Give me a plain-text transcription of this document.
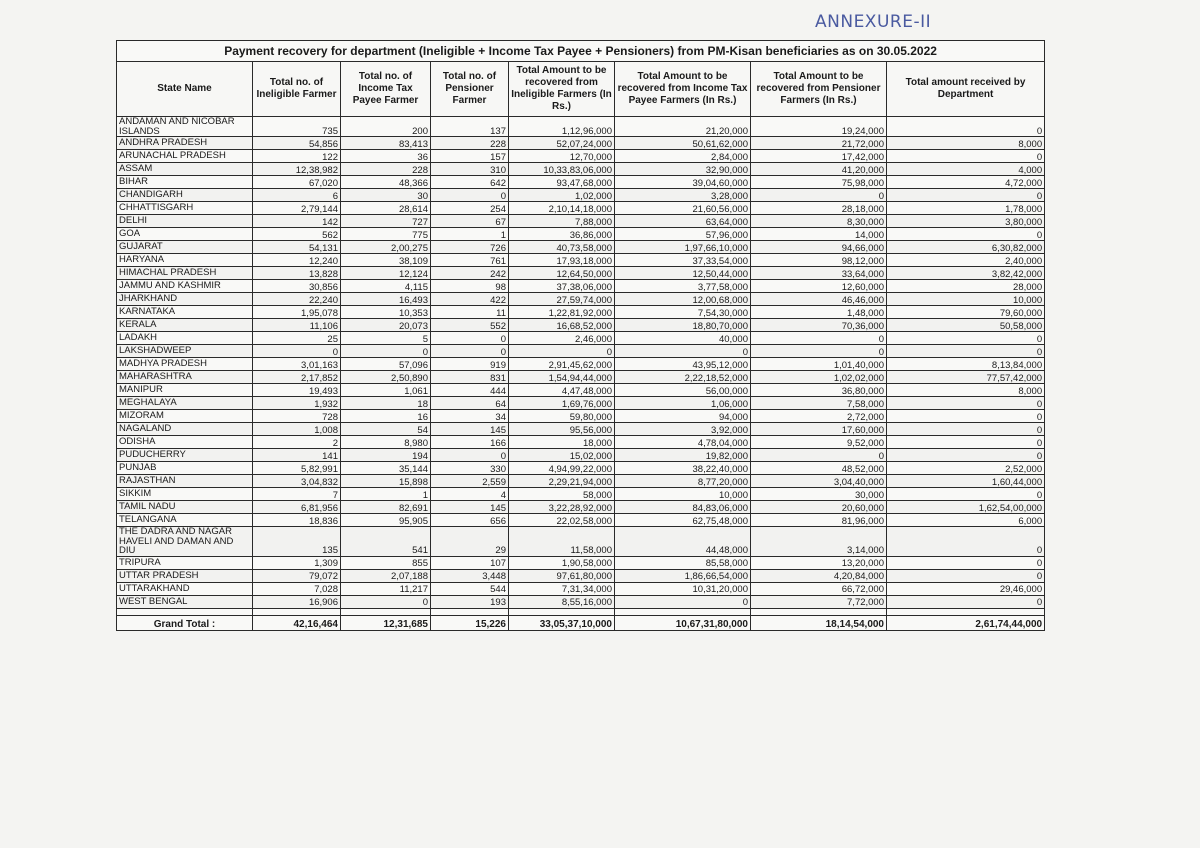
ANNEXURE-II
Payment recovery for department (Ineligible + Income Tax Payee + Pensioners) from PM-Kisan beneficiaries as on 30.05.2022							
State Name	Total no. of Ineligible Farmer	Total no. of Income Tax Payee Farmer	Total no. of Pensioner Farmer	Total Amount to be recovered from Ineligible Farmers (In Rs.)	Total Amount to be recovered from Income Tax Payee Farmers (In Rs.)	Total Amount to be recovered from Pensioner Farmers (In Rs.)	Total amount received by Department
ANDAMAN AND NICOBAR ISLANDS	735	200	137	1,12,96,000	21,20,000	19,24,000	0
ANDHRA PRADESH	54,856	83,413	228	52,07,24,000	50,61,62,000	21,72,000	8,000
ARUNACHAL PRADESH	122	36	157	12,70,000	2,84,000	17,42,000	0
ASSAM	12,38,982	228	310	10,33,83,06,000	32,90,000	41,20,000	4,000
BIHAR	67,020	48,366	642	93,47,68,000	39,04,60,000	75,98,000	4,72,000
CHANDIGARH	6	30	0	1,02,000	3,28,000	0	0
CHHATTISGARH	2,79,144	28,614	254	2,10,14,18,000	21,60,56,000	28,18,000	1,78,000
DELHI	142	727	67	7,88,000	63,64,000	8,30,000	3,80,000
GOA	562	775	1	36,86,000	57,96,000	14,000	0
GUJARAT	54,131	2,00,275	726	40,73,58,000	1,97,66,10,000	94,66,000	6,30,82,000
HARYANA	12,240	38,109	761	17,93,18,000	37,33,54,000	98,12,000	2,40,000
HIMACHAL PRADESH	13,828	12,124	242	12,64,50,000	12,50,44,000	33,64,000	3,82,42,000
JAMMU AND KASHMIR	30,856	4,115	98	37,38,06,000	3,77,58,000	12,60,000	28,000
JHARKHAND	22,240	16,493	422	27,59,74,000	12,00,68,000	46,46,000	10,000
KARNATAKA	1,95,078	10,353	11	1,22,81,92,000	7,54,30,000	1,48,000	79,60,000
KERALA	11,106	20,073	552	16,68,52,000	18,80,70,000	70,36,000	50,58,000
LADAKH	25	5	0	2,46,000	40,000	0	0
LAKSHADWEEP	0	0	0	0	0	0	0
MADHYA PRADESH	3,01,163	57,096	919	2,91,45,62,000	43,95,12,000	1,01,40,000	8,13,84,000
MAHARASHTRA	2,17,852	2,50,890	831	1,54,94,44,000	2,22,18,52,000	1,02,02,000	77,57,42,000
MANIPUR	19,493	1,061	444	4,47,48,000	56,00,000	36,80,000	8,000
MEGHALAYA	1,932	18	64	1,69,76,000	1,06,000	7,58,000	0
MIZORAM	728	16	34	59,80,000	94,000	2,72,000	0
NAGALAND	1,008	54	145	95,56,000	3,92,000	17,60,000	0
ODISHA	2	8,980	166	18,000	4,78,04,000	9,52,000	0
PUDUCHERRY	141	194	0	15,02,000	19,82,000	0	0
PUNJAB	5,82,991	35,144	330	4,94,99,22,000	38,22,40,000	48,52,000	2,52,000
RAJASTHAN	3,04,832	15,898	2,559	2,29,21,94,000	8,77,20,000	3,04,40,000	1,60,44,000
SIKKIM	7	1	4	58,000	10,000	30,000	0
TAMIL NADU	6,81,956	82,691	145	3,22,28,92,000	84,83,06,000	20,60,000	1,62,54,00,000
TELANGANA	18,836	95,905	656	22,02,58,000	62,75,48,000	81,96,000	6,000
THE DADRA AND NAGAR HAVELI AND DAMAN AND DIU	135	541	29	11,58,000	44,48,000	3,14,000	0
TRIPURA	1,309	855	107	1,90,58,000	85,58,000	13,20,000	0
UTTAR PRADESH	79,072	2,07,188	3,448	97,61,80,000	1,86,66,54,000	4,20,84,000	0
UTTARAKHAND	7,028	11,217	544	7,31,34,000	10,31,20,000	66,72,000	29,46,000
WEST BENGAL	16,906	0	193	8,55,16,000	0	7,72,000	0

Grand Total :	42,16,464	12,31,685	15,226	33,05,37,10,000	10,67,31,80,000	18,14,54,000	2,61,74,44,000
